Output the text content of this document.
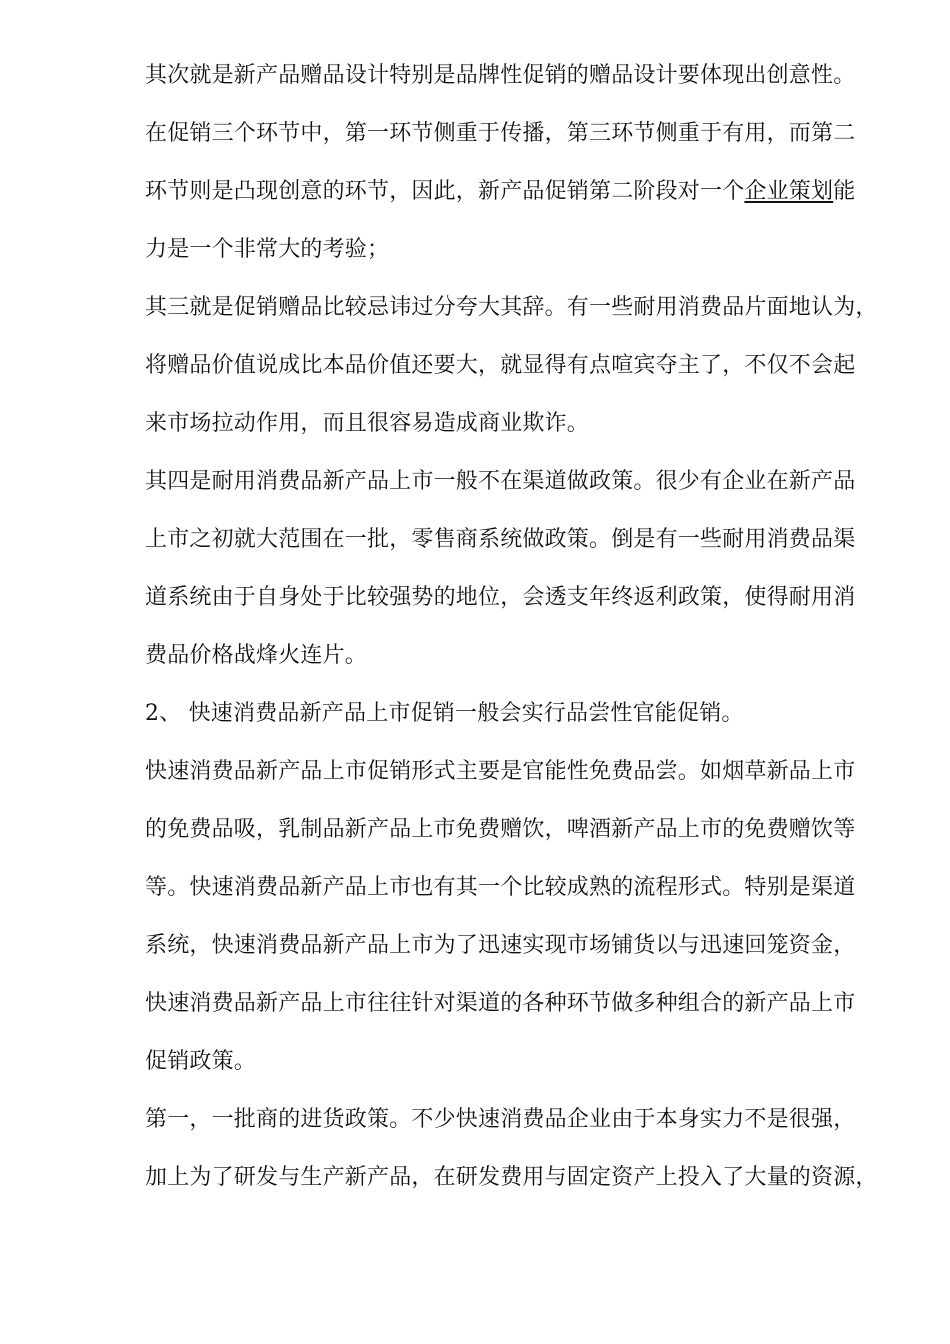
其次就是新产品赠品设计特别是品牌性促销的赠品设计要体现出创意性。
在促销三个环节中，第一环节侧重于传播，第三环节侧重于有用，而第二
环节则是凸现创意的环节，因此，新产品促销第二阶段对一个企业策划能
力是一个非常大的考验；
其三就是促销赠品比较忌讳过分夸大其辞。有一些耐用消费品片面地认为，
将赠品价值说成比本品价值还要大，就显得有点喧宾夺主了，不仅不会起
来市场拉动作用，而且很容易造成商业欺诈。
其四是耐用消费品新产品上市一般不在渠道做政策。很少有企业在新产品
上市之初就大范围在一批，零售商系统做政策。倒是有一些耐用消费品渠
道系统由于自身处于比较强势的地位，会透支年终返利政策，使得耐用消
费品价格战烽火连片。
2、 快速消费品新产品上市促销一般会实行品尝性官能促销。
快速消费品新产品上市促销形式主要是官能性免费品尝。如烟草新品上市
的免费品吸，乳制品新产品上市免费赠饮，啤酒新产品上市的免费赠饮等
等。快速消费品新产品上市也有其一个比较成熟的流程形式。特别是渠道
系统，快速消费品新产品上市为了迅速实现市场铺货以与迅速回笼资金，
快速消费品新产品上市往往针对渠道的各种环节做多种组合的新产品上市
促销政策。
第一，一批商的进货政策。不少快速消费品企业由于本身实力不是很强，
加上为了研发与生产新产品，在研发费用与固定资产上投入了大量的资源，
